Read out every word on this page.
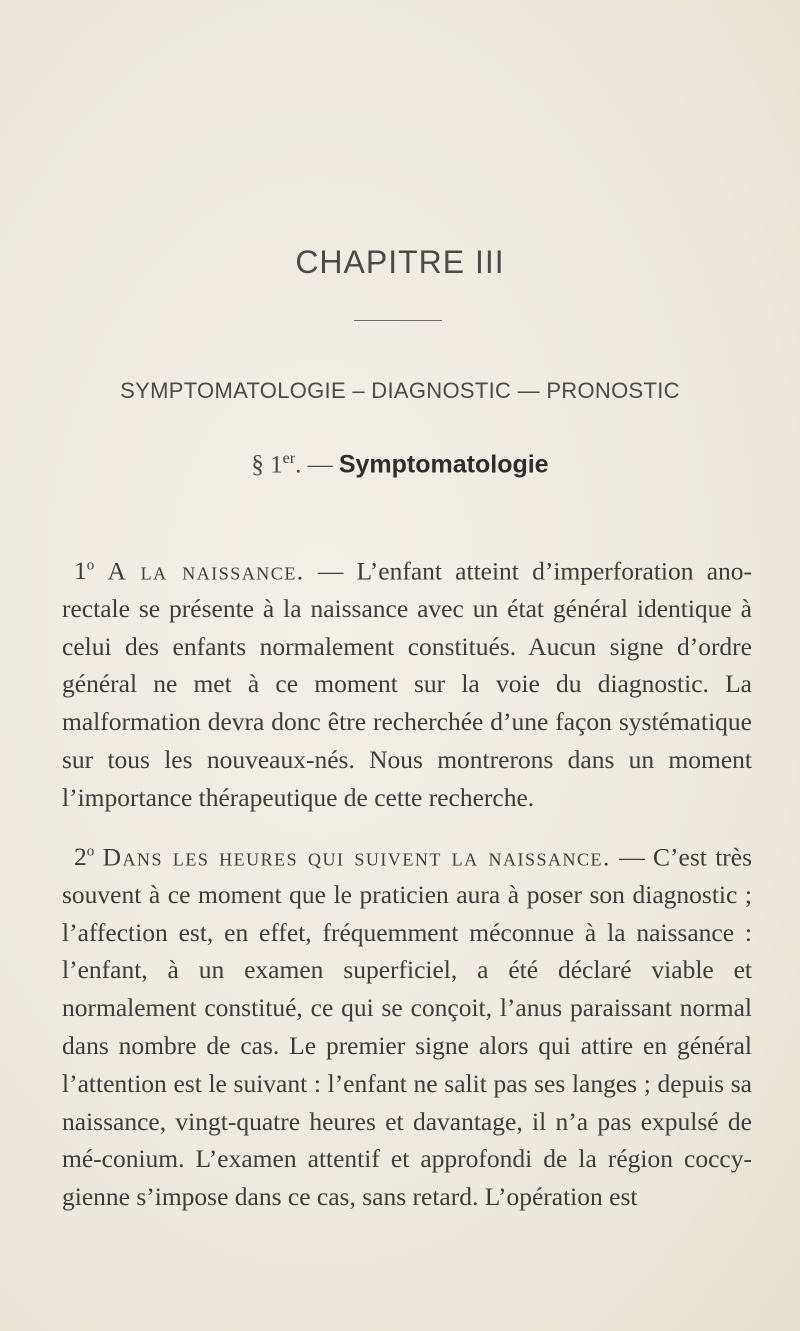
CHAPITRE III
SYMPTOMATOLOGIE – DIAGNOSTIC — PRONOSTIC
§ 1er. — Symptomatologie

1$^o$ A la naissance. — L’enfant atteint d’imperforation ano-rectale se présente à la naissance avec un état général identique à celui des enfants normalement constitués. Aucun signe d’ordre général ne met à ce moment sur la voie du diagnostic. La malformation devra donc être recherchée d’une façon systématique sur tous les nouveaux-nés. Nous montrerons dans un moment l’importance thérapeutique de cette recherche.

2$^o$ Dans les heures qui suivent la naissance. — C’est très souvent à ce moment que le praticien aura à poser son diagnostic ; l’affection est, en effet, fréquemment méconnue à la naissance : l’enfant, à un examen superficiel, a été déclaré viable et normalement constitué, ce qui se conçoit, l’anus paraissant normal dans nombre de cas. Le premier signe alors qui attire en général l’attention est le suivant : l’enfant ne salit pas ses langes ; depuis sa naissance, vingt-quatre heures et davantage, il n’a pas expulsé de mé-conium. L’examen attentif et approfondi de la région coccy-gienne s’impose dans ce cas, sans retard. L’opération est
